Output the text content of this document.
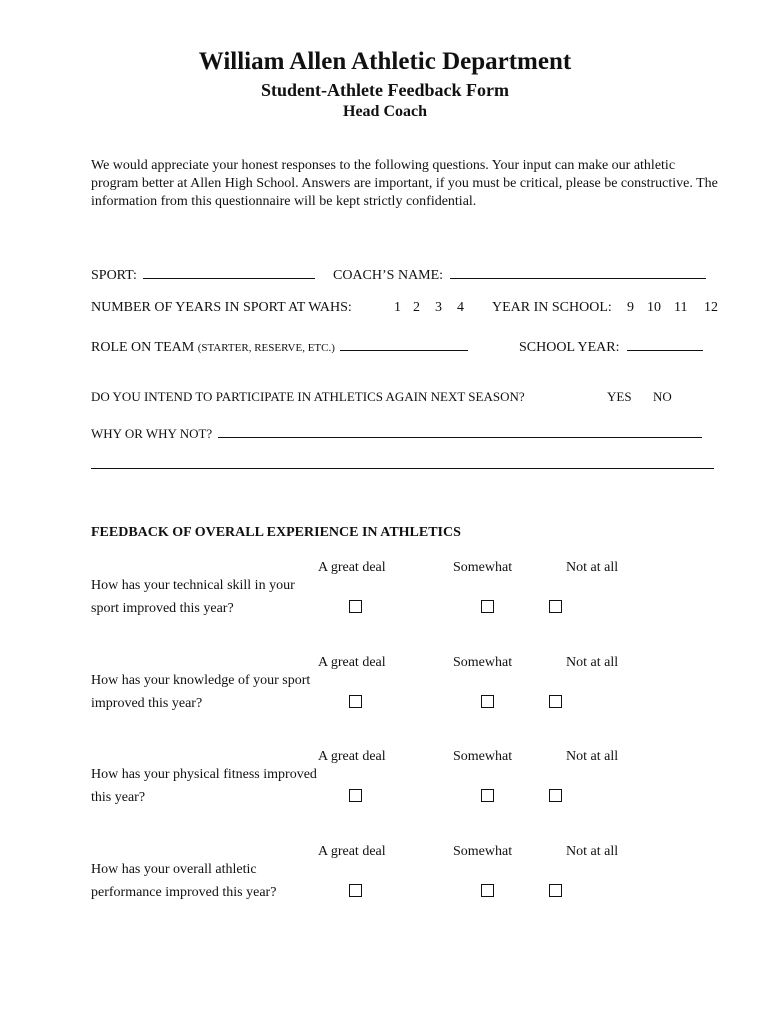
William Allen Athletic Department
Student-Athlete Feedback Form
Head Coach
We would appreciate your honest responses to the following questions. Your input can make our athletic program better at Allen High School. Answers are important, if you must be critical, please be constructive. The information from this questionnaire will be kept strictly confidential.
SPORT:	COACH’S NAME:
NUMBER OF YEARS IN SPORT AT WAHS:	1 2 3 4 YEAR IN SCHOOL: 9 10 11 12
ROLE ON TEAM (STARTER, RESERVE, ETC.)	SCHOOL YEAR:
DO YOU INTEND TO PARTICIPATE IN ATHLETICS AGAIN NEXT SEASON?	YES NO
WHY OR WHY NOT?
FEEDBACK OF OVERALL EXPERIENCE IN ATHLETICS
A great deal	Somewhat	Not at all
How has your technical skill in your sport improved this year?
A great deal	Somewhat	Not at all
How has your knowledge of your sport improved this year?
A great deal	Somewhat	Not at all
How has your physical fitness improved this year?
A great deal	Somewhat	Not at all
How has your overall athletic performance improved this year?
